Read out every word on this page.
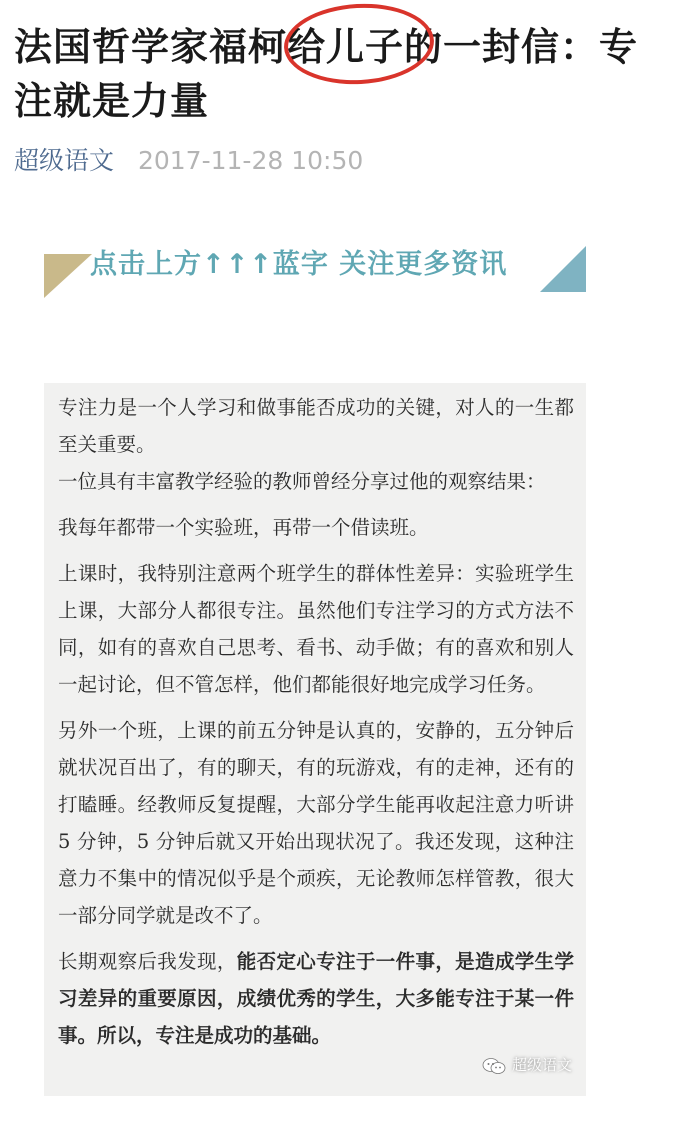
法国哲学家福柯给儿子的一封信：专注就是力量
超级语文 2017-11-28 10:50
点击上方↑↑↑蓝字 关注更多资讯

专注力是一个人学习和做事能否成功的关键，对人的一生都至关重要。

一位具有丰富教学经验的教师曾经分享过他的观察结果：

我每年都带一个实验班，再带一个借读班。

上课时，我特别注意两个班学生的群体性差异：实验班学生上课，大部分人都很专注。虽然他们专注学习的方式方法不同，如有的喜欢自己思考、看书、动手做；有的喜欢和别人一起讨论，但不管怎样，他们都能很好地完成学习任务。

另外一个班，上课的前五分钟是认真的，安静的，五分钟后就状况百出了，有的聊天，有的玩游戏，有的走神，还有的打瞌睡。经教师反复提醒，大部分学生能再收起注意力听讲 5 分钟，5 分钟后就又开始出现状况了。我还发现，这种注意力不集中的情况似乎是个顽疾，无论教师怎样管教，很大一部分同学就是改不了。

长期观察后我发现，能否定心专注于一件事，是造成学生学习差异的重要原因，成绩优秀的学生，大多能专注于某一件事。所以，专注是成功的基础。

超级语文
